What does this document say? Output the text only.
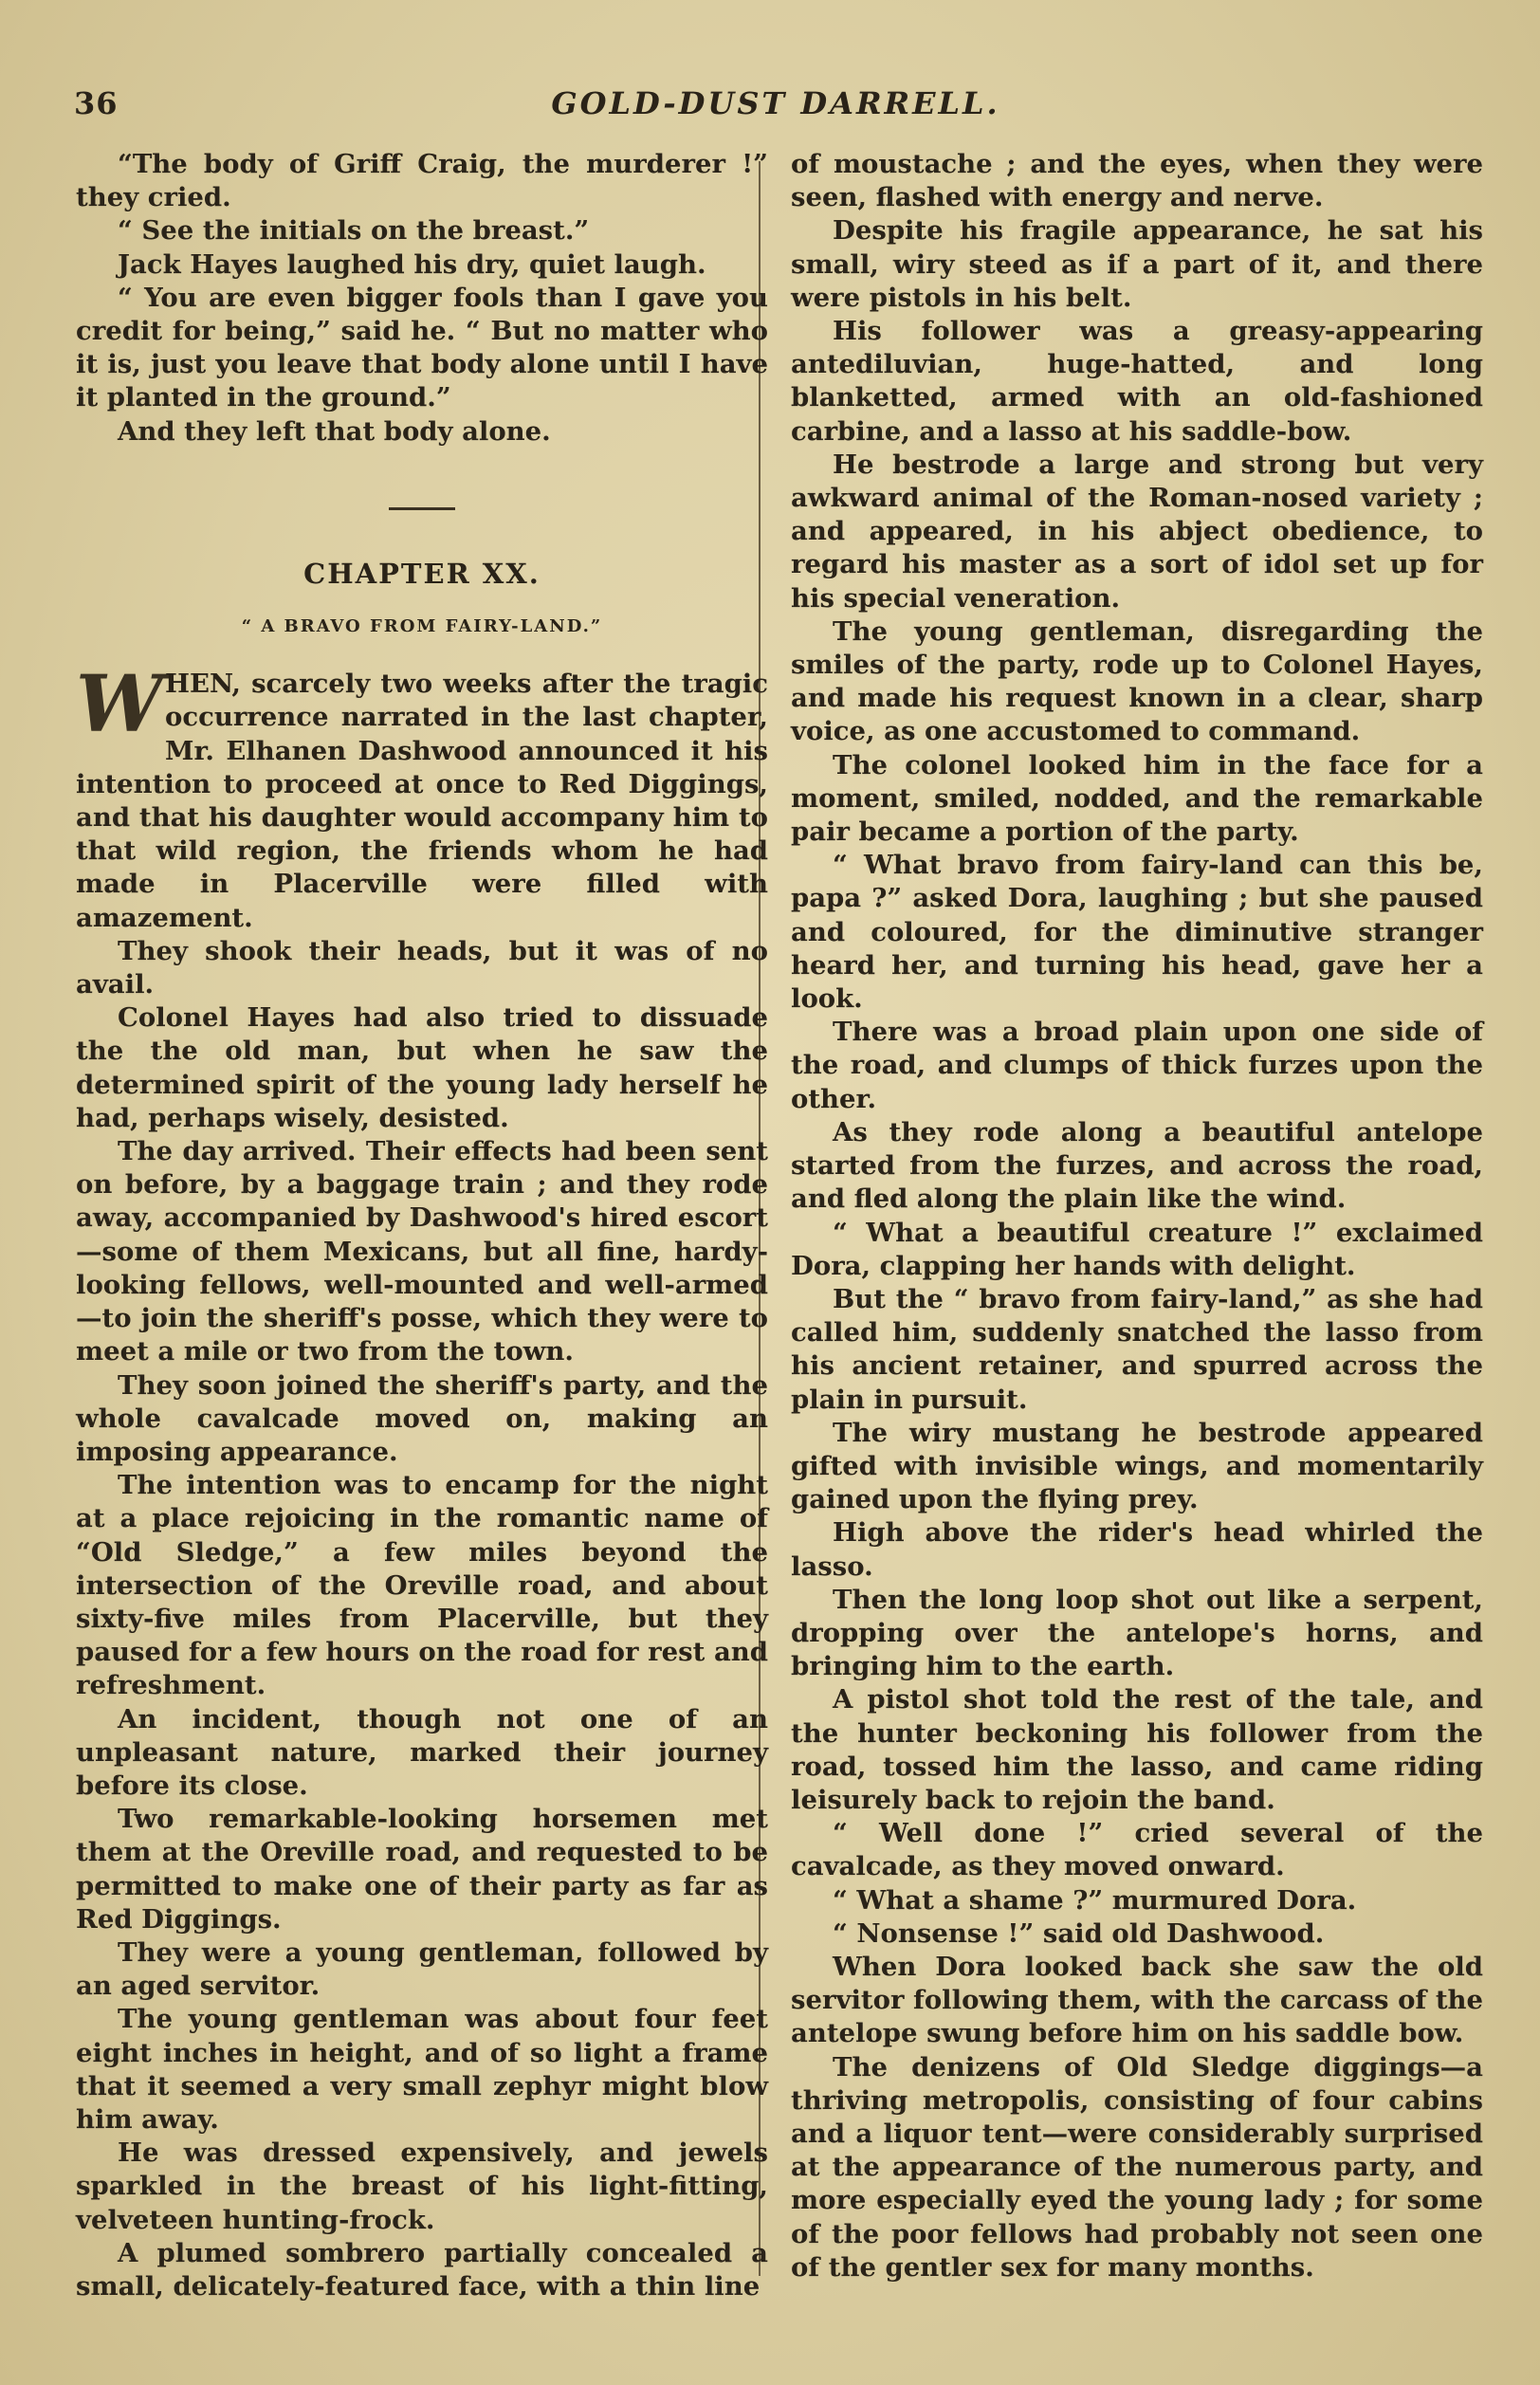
36	GOLD-DUST DARRELL.

“The body of Griff Craig, the murderer !” they cried.

“ See the initials on the breast.”

Jack Hayes laughed his dry, quiet laugh.

“ You are even bigger fools than I gave you credit for being,” said he. “ But no matter who it is, just you leave that body alone until I have it planted in the ground.”

And they left that body alone.

CHAPTER XX.
“ A BRAVO FROM FAIRY-LAND.”
W HEN, scarcely two weeks after the tragic occurrence narrated in the last chapter, Mr. Elhanen Dashwood announced it his intention to proceed at once to Red Diggings, and that his daughter would accompany him to that wild region, the friends whom he had made in Placerville were filled with amazement.

They shook their heads, but it was of no avail.

Colonel Hayes had also tried to dissuade the the old man, but when he saw the determined spirit of the young lady herself he had, perhaps wisely, desisted.

The day arrived. Their effects had been sent on before, by a baggage train ; and they rode away, accompanied by Dashwood's hired escort—some of them Mexicans, but all fine, hardy-looking fellows, well-mounted and well-armed—to join the sheriff's posse, which they were to meet a mile or two from the town.

They soon joined the sheriff's party, and the whole cavalcade moved on, making an imposing appearance.

The intention was to encamp for the night at a place rejoicing in the romantic name of “Old Sledge,” a few miles beyond the intersection of the Oreville road, and about sixty-five miles from Placerville, but they paused for a few hours on the road for rest and refreshment.

An incident, though not one of an unpleasant nature, marked their journey before its close.

Two remarkable-looking horsemen met them at the Oreville road, and requested to be permitted to make one of their party as far as Red Diggings.

They were a young gentleman, followed by an aged servitor.

The young gentleman was about four feet eight inches in height, and of so light a frame that it seemed a very small zephyr might blow him away.

He was dressed expensively, and jewels sparkled in the breast of his light-fitting, velveteen hunting-frock.

A plumed sombrero partially concealed a small, delicately-featured face, with a thin line

of moustache ; and the eyes, when they were seen, flashed with energy and nerve.

Despite his fragile appearance, he sat his small, wiry steed as if a part of it, and there were pistols in his belt.

His follower was a greasy-appearing antediluvian, huge-hatted, and long blanketted, armed with an old-fashioned carbine, and a lasso at his saddle-bow.

He bestrode a large and strong but very awkward animal of the Roman-nosed variety ; and appeared, in his abject obedience, to regard his master as a sort of idol set up for his special veneration.

The young gentleman, disregarding the smiles of the party, rode up to Colonel Hayes, and made his request known in a clear, sharp voice, as one accustomed to command.

The colonel looked him in the face for a moment, smiled, nodded, and the remarkable pair became a portion of the party.

“ What bravo from fairy-land can this be, papa ?” asked Dora, laughing ; but she paused and coloured, for the diminutive stranger heard her, and turning his head, gave her a look.

There was a broad plain upon one side of the road, and clumps of thick furzes upon the other.

As they rode along a beautiful antelope started from the furzes, and across the road, and fled along the plain like the wind.

“ What a beautiful creature !” exclaimed Dora, clapping her hands with delight.

But the “ bravo from fairy-land,” as she had called him, suddenly snatched the lasso from his ancient retainer, and spurred across the plain in pursuit.

The wiry mustang he bestrode appeared gifted with invisible wings, and momentarily gained upon the flying prey.

High above the rider's head whirled the lasso.

Then the long loop shot out like a serpent, dropping over the antelope's horns, and bringing him to the earth.

A pistol shot told the rest of the tale, and the hunter beckoning his follower from the road, tossed him the lasso, and came riding leisurely back to rejoin the band.

“ Well done !” cried several of the cavalcade, as they moved onward.

“ What a shame ?” murmured Dora.

“ Nonsense !” said old Dashwood.

When Dora looked back she saw the old servitor following them, with the carcass of the antelope swung before him on his saddle bow.

The denizens of Old Sledge diggings—a thriving metropolis, consisting of four cabins and a liquor tent—were considerably surprised at the appearance of the numerous party, and more especially eyed the young lady ; for some of the poor fellows had probably not seen one of the gentler sex for many months.
